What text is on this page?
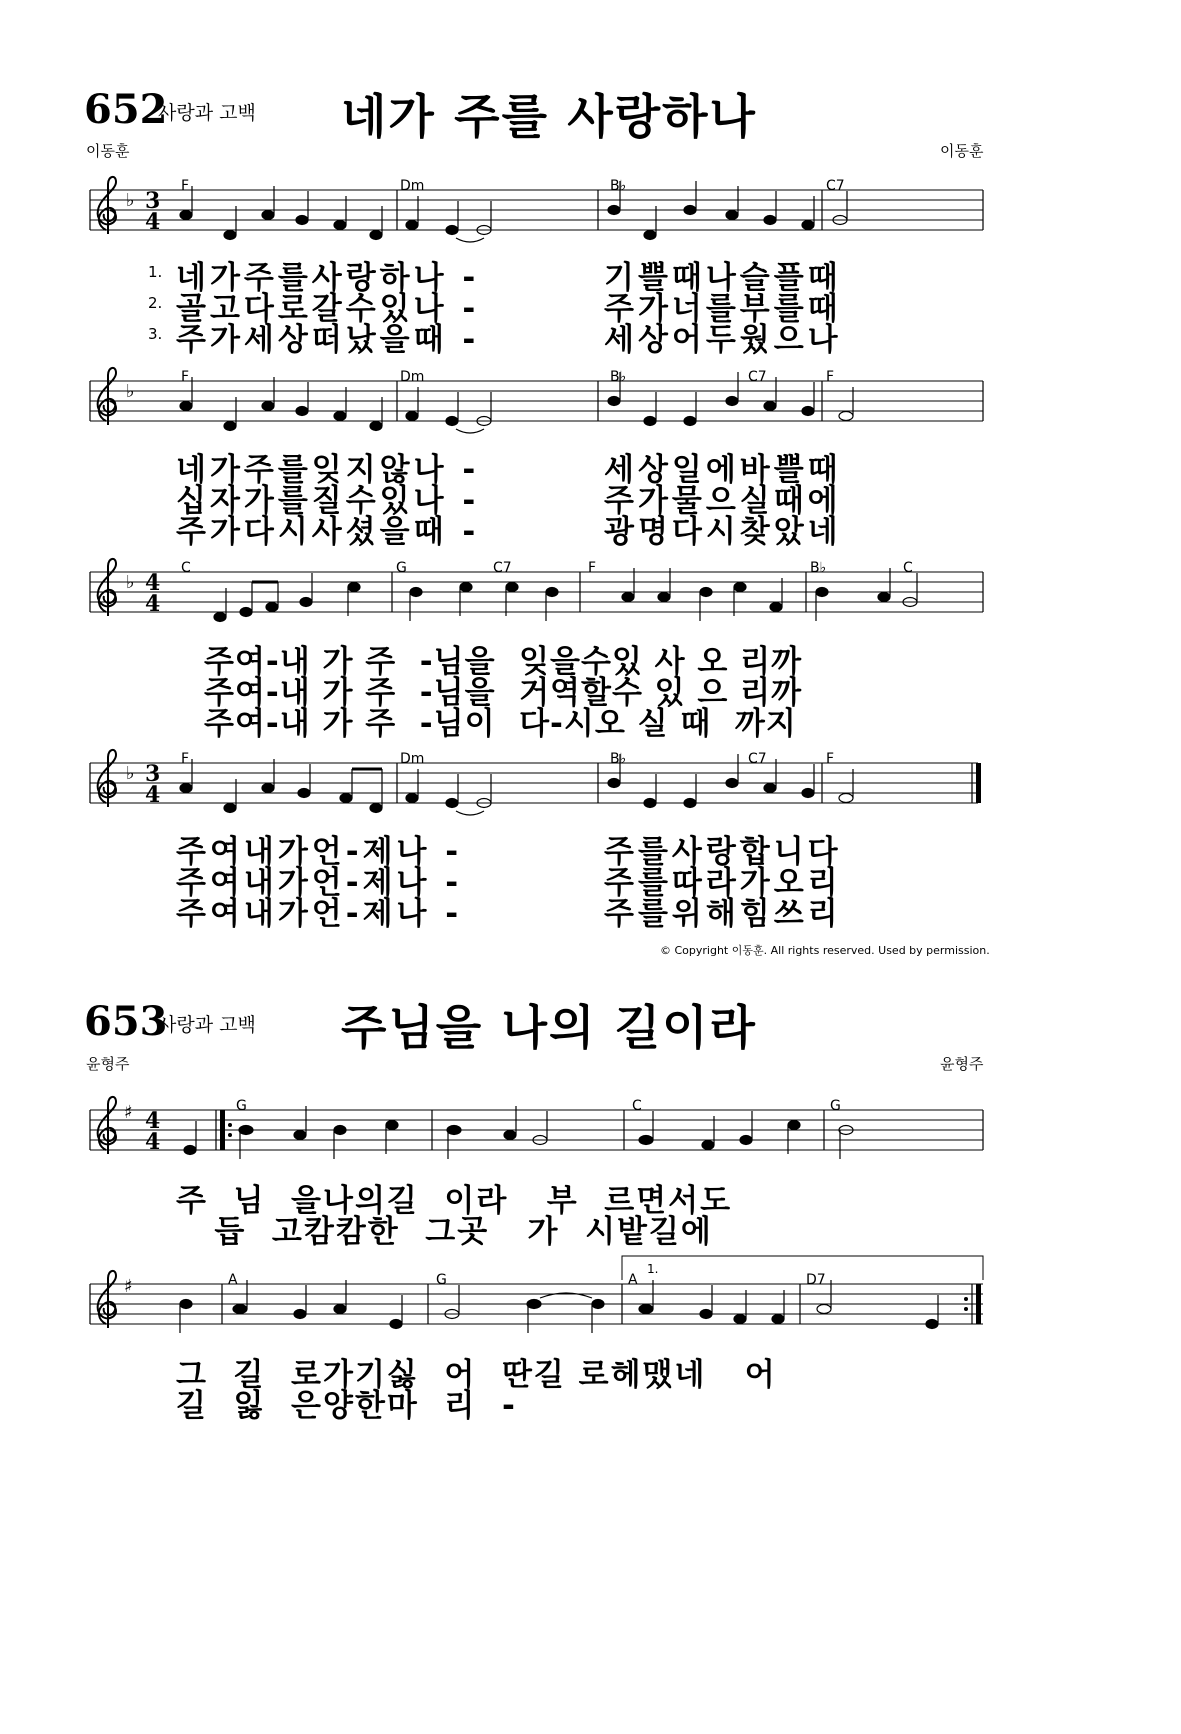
652
사랑과 고백 네가 주를 사랑하나
이동훈	이동훈
F	Dm	B♭	C7
F	Dm	B♭	C7	F
C	G	C7	F	B♭	C
F	Dm	B♭	C7	F
1.
2.
3.
네가주를사랑하나 -	기쁠때나슬플때
골고다로갈수있나 -	주가너를부를때
주가세상떠났을때 -	세상어두웠으나
네가주를잊지않나 -	세상일에바쁠때
십자가를질수있나 -	주가물으실때에
주가다시사셨을때 -	광명다시찾았네
주여-내 가 주  -님을  잊을수있 사 오 리까
주여-내 가 주  -님을  거역할수 있 으 리까
주여-내 가 주  -님이  다-시오 실 때  까지
주여내가언-제나 -	주를사랑합니다
주여내가언-제나 -	주를따라가오리
주여내가언-제나 -	주를위해힘쓰리
© Copyright 이동훈. All rights reserved. Used by permission.
653
사랑과 고백 주님을 나의 길이라
윤형주	윤형주
G	C	G
A	G	A	D7
1.
주  님  을나의길  이라   부  르면서도
듭  고캄캄한  그곳   가  시밭길에
그  길  로가기싫  어  딴길 로헤맸네   어
길  잃  은양한마  리  -
♭
♭
♭
♭
♯
♯
3
4
4
4
3
4
4
4
